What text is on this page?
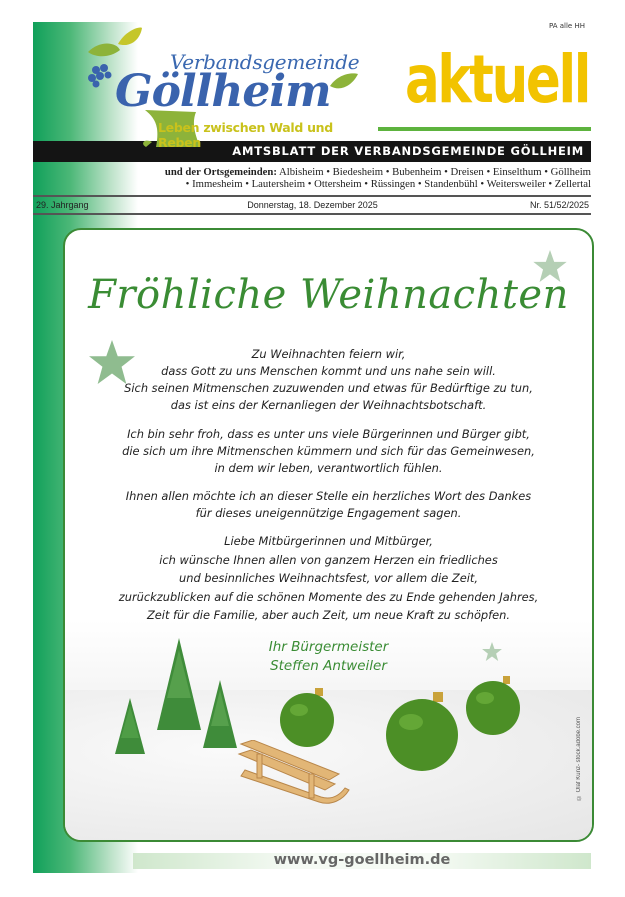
PA alle HH
Verbandsgemeinde
Göllheim
Leben zwischen Wald und Reben
aktuell
AMTSBLATT DER VERBANDSGEMEINDE GÖLLHEIM
und der Ortsgemeinden: Albisheim • Biedesheim • Bubenheim • Dreisen • Einselthum • Göllheim
• Immesheim • Lautersheim • Ottersheim • Rüssingen • Standenbühl • Weitersweiler • Zellertal
29. Jahrgang	Donnerstag, 18. Dezember 2025	Nr. 51/52/2025
Fröhliche Weihnachten
Zu Weihnachten feiern wir,
dass Gott zu uns Menschen kommt und uns nahe sein will.
Sich seinen Mitmenschen zuzuwenden und etwas für Bedürftige zu tun,
das ist eins der Kernanliegen der Weihnachtsbotschaft.
Ich bin sehr froh, dass es unter uns viele Bürgerinnen und Bürger gibt,
die sich um ihre Mitmenschen kümmern und sich für das Gemeinwesen,
in dem wir leben, verantwortlich fühlen.
Ihnen allen möchte ich an dieser Stelle ein herzliches Wort des Dankes
für dieses uneigennützige Engagement sagen.
Liebe Mitbürgerinnen und Mitbürger,
ich wünsche Ihnen allen von ganzem Herzen ein friedliches
und besinnliches Weihnachtsfest, vor allem die Zeit,
zurückzublicken auf die schönen Momente des zu Ende gehenden Jahres,
Zeit für die Familie, aber auch Zeit, um neue Kraft zu schöpfen.
Ihr Bürgermeister
Steffen Antweiler
© Olaf Kunz- stock.adobe.com
www.vg-goellheim.de
